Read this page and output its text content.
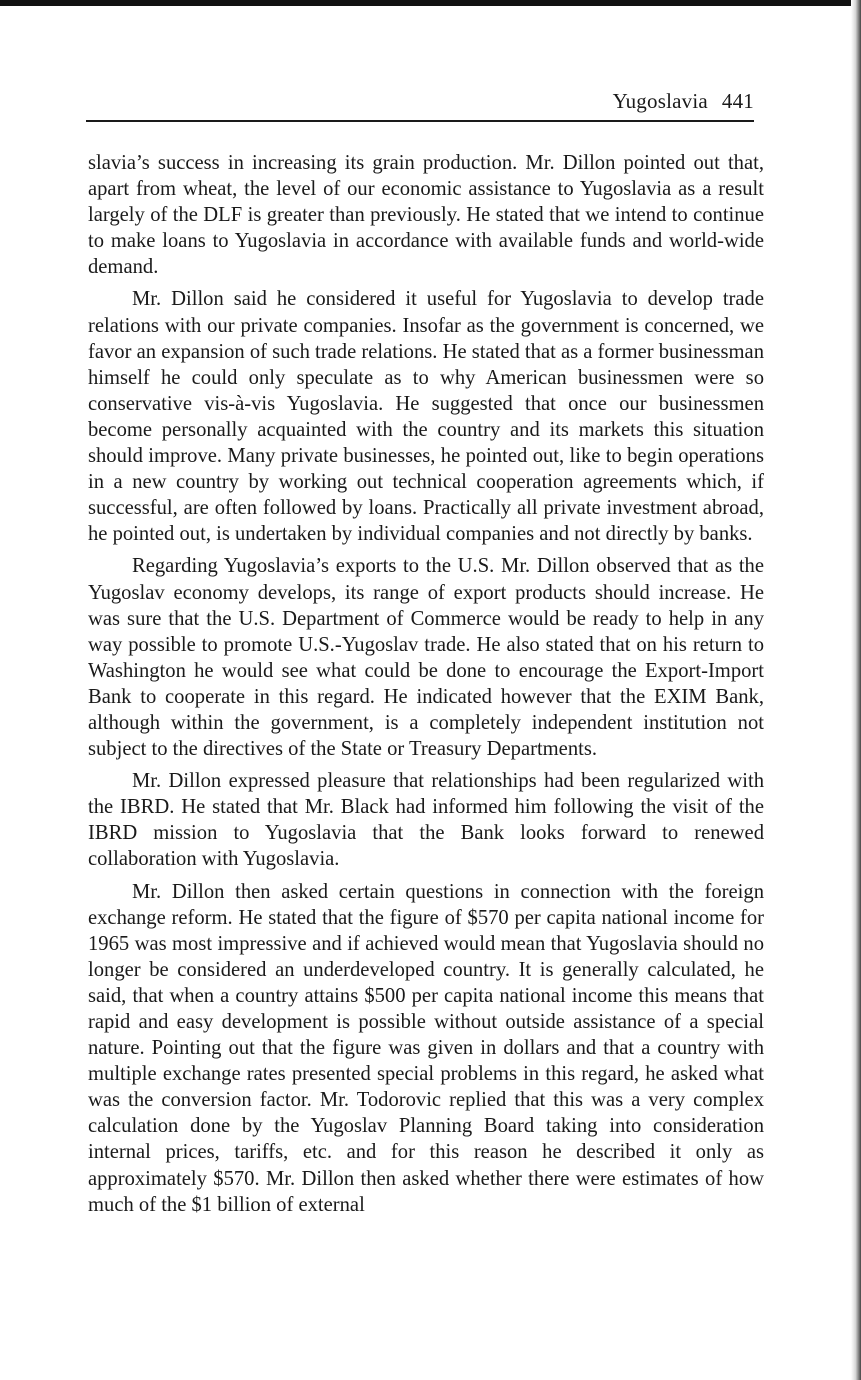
Yugoslavia 441

slavia’s success in increasing its grain production. Mr. Dillon pointed out that, apart from wheat, the level of our economic assistance to Yugoslavia as a result largely of the DLF is greater than previously. He stated that we intend to continue to make loans to Yugoslavia in accordance with available funds and world-wide demand.

Mr. Dillon said he considered it useful for Yugoslavia to develop trade relations with our private companies. Insofar as the government is concerned, we favor an expansion of such trade relations. He stated that as a former businessman himself he could only speculate as to why American businessmen were so conservative vis-à-vis Yugoslavia. He suggested that once our businessmen become personally acquainted with the country and its markets this situation should improve. Many private businesses, he pointed out, like to begin operations in a new country by working out technical cooperation agreements which, if successful, are often followed by loans. Practically all private investment abroad, he pointed out, is undertaken by individual companies and not directly by banks.

Regarding Yugoslavia’s exports to the U.S. Mr. Dillon observed that as the Yugoslav economy develops, its range of export products should increase. He was sure that the U.S. Department of Commerce would be ready to help in any way possible to promote U.S.-Yugoslav trade. He also stated that on his return to Washington he would see what could be done to encourage the Export-Import Bank to cooperate in this regard. He indicated however that the EXIM Bank, although within the government, is a completely independent institution not subject to the directives of the State or Treasury Departments.

Mr. Dillon expressed pleasure that relationships had been regularized with the IBRD. He stated that Mr. Black had informed him following the visit of the IBRD mission to Yugoslavia that the Bank looks forward to renewed collaboration with Yugoslavia.

Mr. Dillon then asked certain questions in connection with the foreign exchange reform. He stated that the figure of $570 per capita national income for 1965 was most impressive and if achieved would mean that Yugoslavia should no longer be considered an underdeveloped country. It is generally calculated, he said, that when a country attains $500 per capita national income this means that rapid and easy development is possible without outside assistance of a special nature. Pointing out that the figure was given in dollars and that a country with multiple exchange rates presented special problems in this regard, he asked what was the conversion factor. Mr. Todorovic replied that this was a very complex calculation done by the Yugoslav Planning Board taking into consideration internal prices, tariffs, etc. and for this reason he described it only as approximately $570. Mr. Dillon then asked whether there were estimates of how much of the $1 billion of external
